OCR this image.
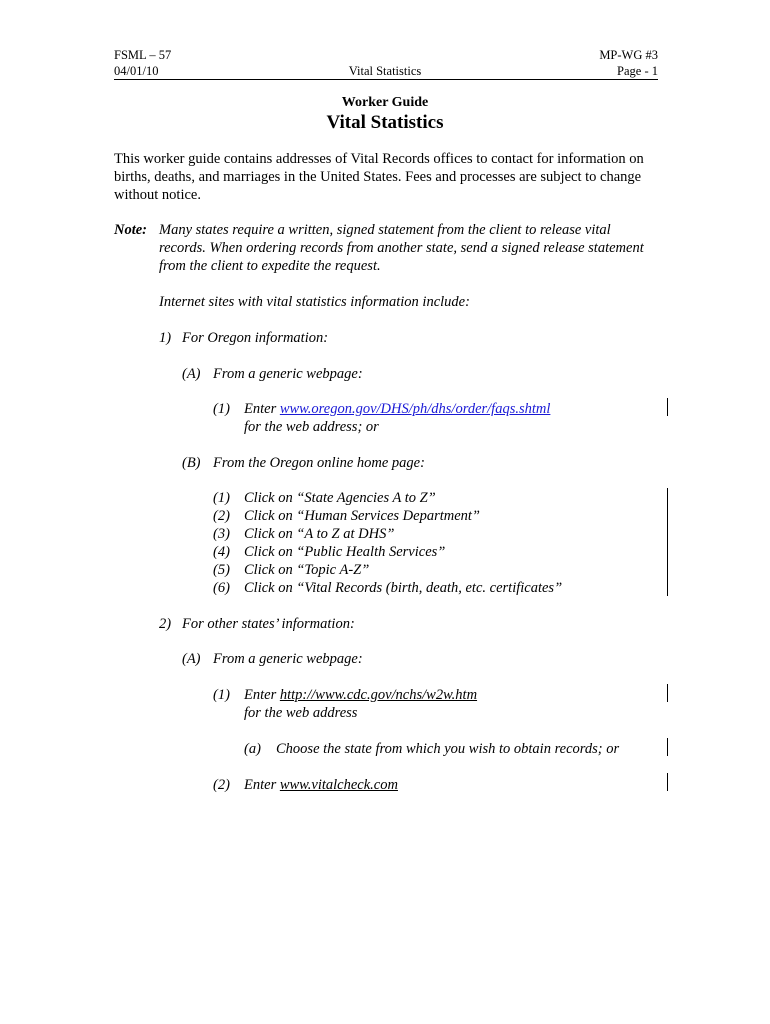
FSML – 57
04/01/10	Vital Statistics
MP-WG #3
Page - 1
Worker Guide
Vital Statistics
This worker guide contains addresses of Vital Records offices to contact for information on births, deaths, and marriages in the United States. Fees and processes are subject to change without notice.
Note: Many states require a written, signed statement from the client to release vital records. When ordering records from another state, send a signed release statement from the client to expedite the request.
Internet sites with vital statistics information include:
1) For Oregon information:
(A) From a generic webpage:
(1) Enter www.oregon.gov/DHS/ph/dhs/order/faqs.shtml
for the web address; or
(B) From the Oregon online home page:
(1) Click on “State Agencies A to Z”
(2) Click on “Human Services Department”
(3) Click on “A to Z at DHS”
(4) Click on “Public Health Services”
(5) Click on “Topic A-Z”
(6) Click on “Vital Records (birth, death, etc. certificates”
2) For other states’ information:
(A) From a generic webpage:
(1) Enter http://www.cdc.gov/nchs/w2w.htm
for the web address
(a) Choose the state from which you wish to obtain records; or
(2) Enter www.vitalcheck.com
